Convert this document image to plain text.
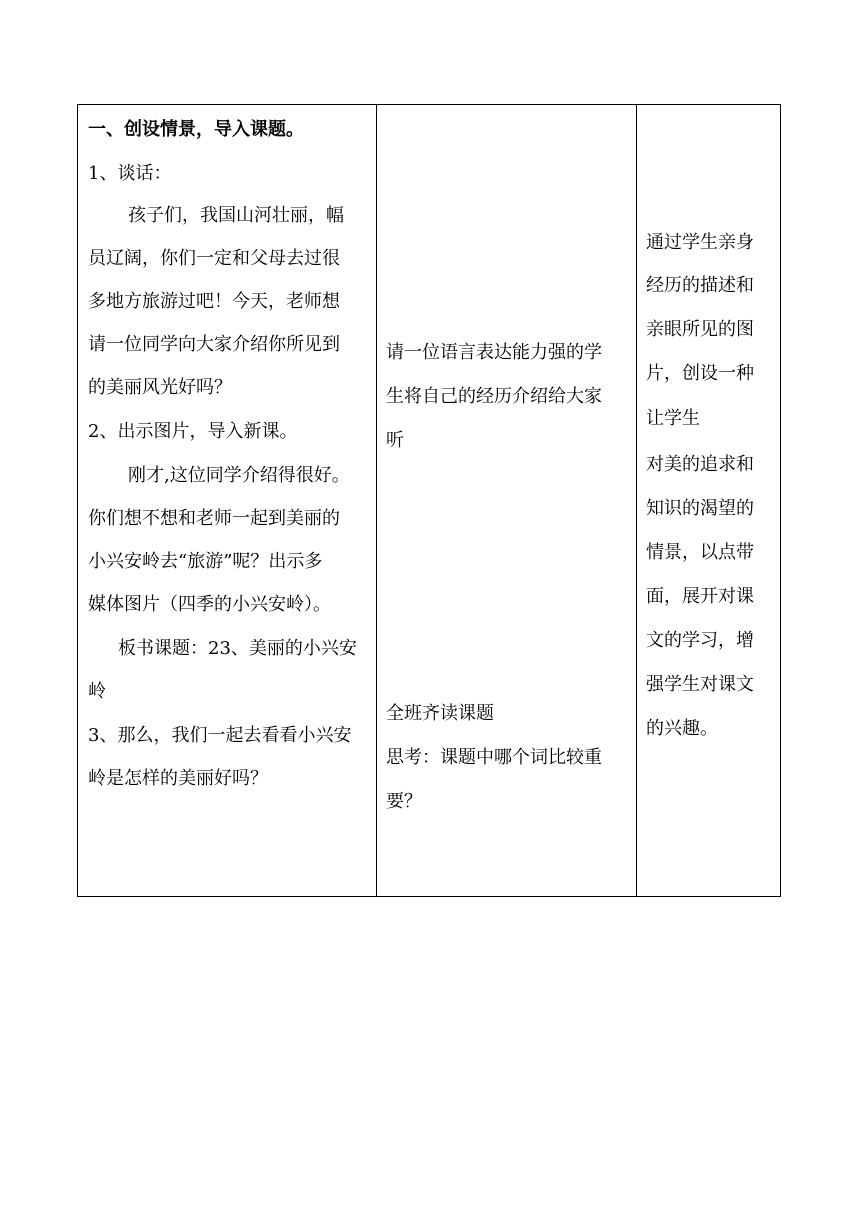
一、创设情景，导入课题。
1、谈话：
孩子们，我国山河壮丽，幅
员辽阔，你们一定和父母去过很
多地方旅游过吧！今天，老师想
请一位同学向大家介绍你所见到
的美丽风光好吗？
2、出示图片，导入新课。
刚才,这位同学介绍得很好。
你们想不想和老师一起到美丽的
小兴安岭去“旅游”呢？出示多
媒体图片（四季的小兴安岭）。
板书课题：23、美丽的小兴安
岭
3、那么，我们一起去看看小兴安
岭是怎样的美丽好吗？
请一位语言表达能力强的学
生将自己的经历介绍给大家
听
全班齐读课题
思考：课题中哪个词比较重
要？
通过学生亲身
经历的描述和
亲眼所见的图
片，创设一种
让学生
对美的追求和
知识的渴望的
情景，以点带
面，展开对课
文的学习，增
强学生对课文
的兴趣。
